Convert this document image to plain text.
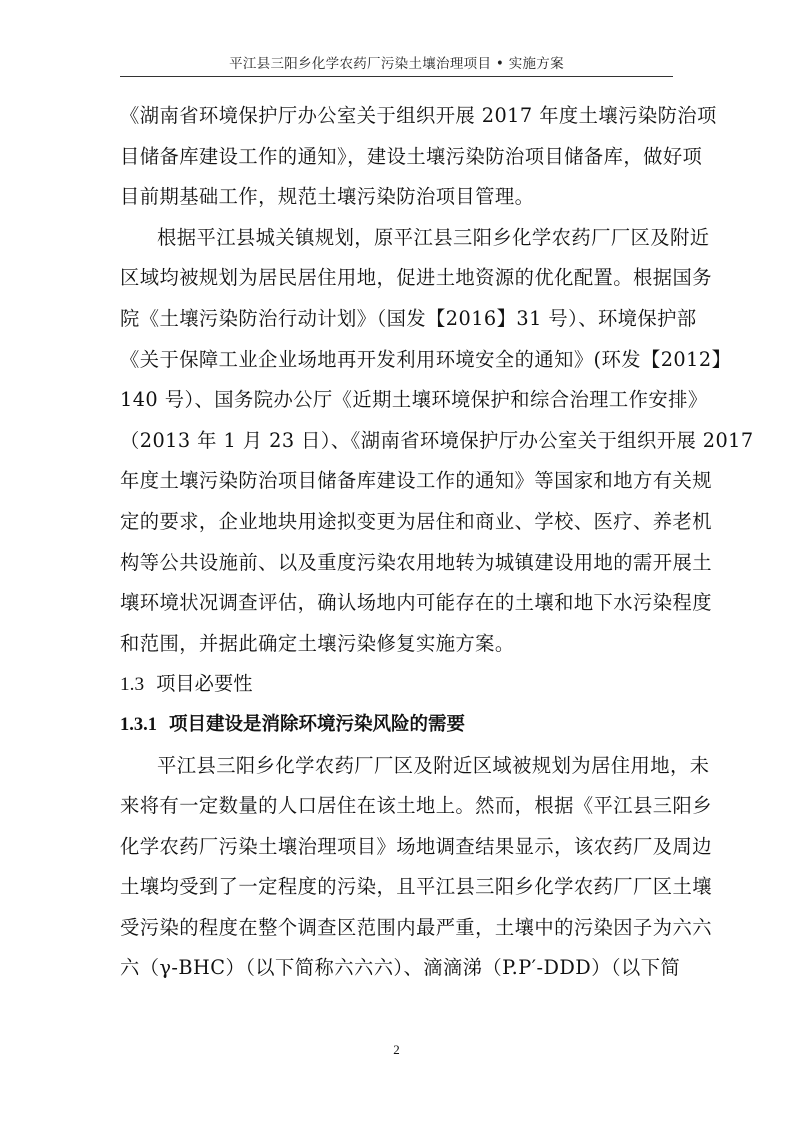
平江县三阳乡化学农药厂污染土壤治理项目 • 实施方案
《湖南省环境保护厅办公室关于组织开展 2017 年度土壤污染防治项
目储备库建设工作的通知》，建设土壤污染防治项目储备库，做好项
目前期基础工作，规范土壤污染防治项目管理。
根据平江县城关镇规划，原平江县三阳乡化学农药厂厂区及附近
区域均被规划为居民居住用地，促进土地资源的优化配置。根据国务
院《土壤污染防治行动计划》（国发【2016】31 号）、环境保护部
《关于保障工业企业场地再开发利用环境安全的通知》(环发【2012】
140 号）、国务院办公厅《近期土壤环境保护和综合治理工作安排》
（2013 年 1 月 23 日）、《湖南省环境保护厅办公室关于组织开展 2017
年度土壤污染防治项目储备库建设工作的通知》等国家和地方有关规
定的要求，企业地块用途拟变更为居住和商业、学校、医疗、养老机
构等公共设施前、以及重度污染农用地转为城镇建设用地的需开展土
壤环境状况调查评估，确认场地内可能存在的土壤和地下水污染程度
和范围，并据此确定土壤污染修复实施方案。
1.3 项目必要性
1.3.1 项目建设是消除环境污染风险的需要
平江县三阳乡化学农药厂厂区及附近区域被规划为居住用地，未
来将有一定数量的人口居住在该土地上。然而，根据《平江县三阳乡
化学农药厂污染土壤治理项目》场地调查结果显示，该农药厂及周边
土壤均受到了一定程度的污染，且平江县三阳乡化学农药厂厂区土壤
受污染的程度在整个调查区范围内最严重，土壤中的污染因子为六六
六（γ-BHC）（以下简称六六六）、滴滴涕（P.P′-DDD）（以下简
2
